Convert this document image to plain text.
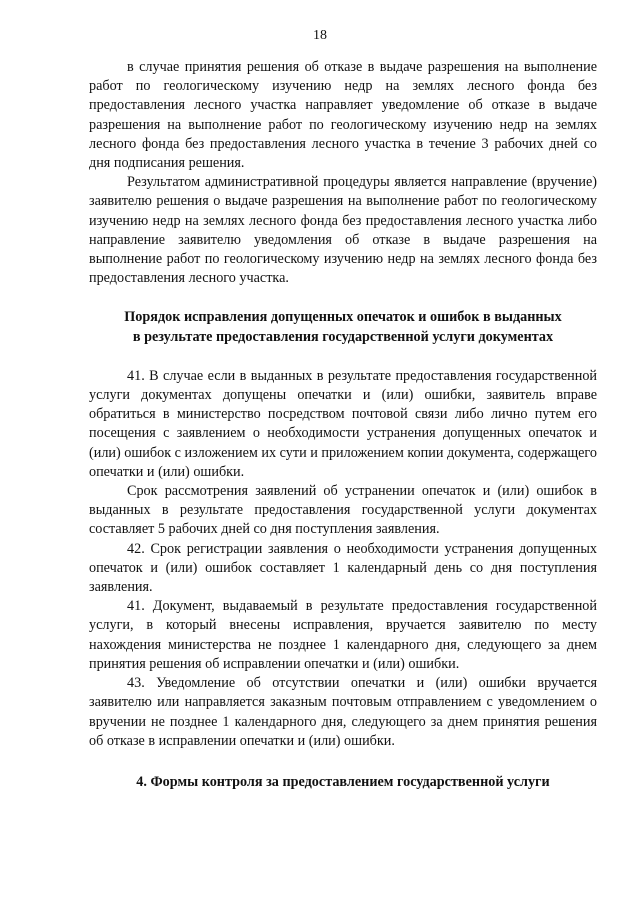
18

в случае принятия решения об отказе в выдаче разрешения на выполнение работ по геологическому изучению недр на землях лесного фонда без предоставления лесного участка направляет уведомление об отказе в выдаче разрешения на выполнение работ по геологическому изучению недр на землях лесного фонда без предоставления лесного участка в течение 3 рабочих дней со дня подписания решения.

Результатом административной процедуры является направление (вручение) заявителю решения о выдаче разрешения на выполнение работ по геологическому изучению недр на землях лесного фонда без предоставления лесного участка либо направление заявителю уведомления об отказе в выдаче разрешения на выполнение работ по геологическому изучению недр на землях лесного фонда без предоставления лесного участка.

Порядок исправления допущенных опечаток и ошибок в выданных

в результате предоставления государственной услуги документах

41. В случае если в выданных в результате предоставления государственной услуги документах допущены опечатки и (или) ошибки, заявитель вправе обратиться в министерство посредством почтовой связи либо лично путем его посещения с заявлением о необходимости устранения допущенных опечаток и (или) ошибок с изложением их сути и приложением копии документа, содержащего опечатки и (или) ошибки.

Срок рассмотрения заявлений об устранении опечаток и (или) ошибок в выданных в результате предоставления государственной услуги документах составляет 5 рабочих дней со дня поступления заявления.

42. Срок регистрации заявления о необходимости устранения допущенных опечаток и (или) ошибок составляет 1 календарный день со дня поступления заявления.

41. Документ, выдаваемый в результате предоставления государственной услуги, в который внесены исправления, вручается заявителю по месту нахождения министерства не позднее 1 календарного дня, следующего за днем принятия решения об исправлении опечатки и (или) ошибки.

43. Уведомление об отсутствии опечатки и (или) ошибки вручается заявителю или направляется заказным почтовым отправлением с уведомлением о вручении не позднее 1 календарного дня, следующего за днем принятия решения об отказе в исправлении опечатки и (или) ошибки.

4. Формы контроля за предоставлением государственной услуги
